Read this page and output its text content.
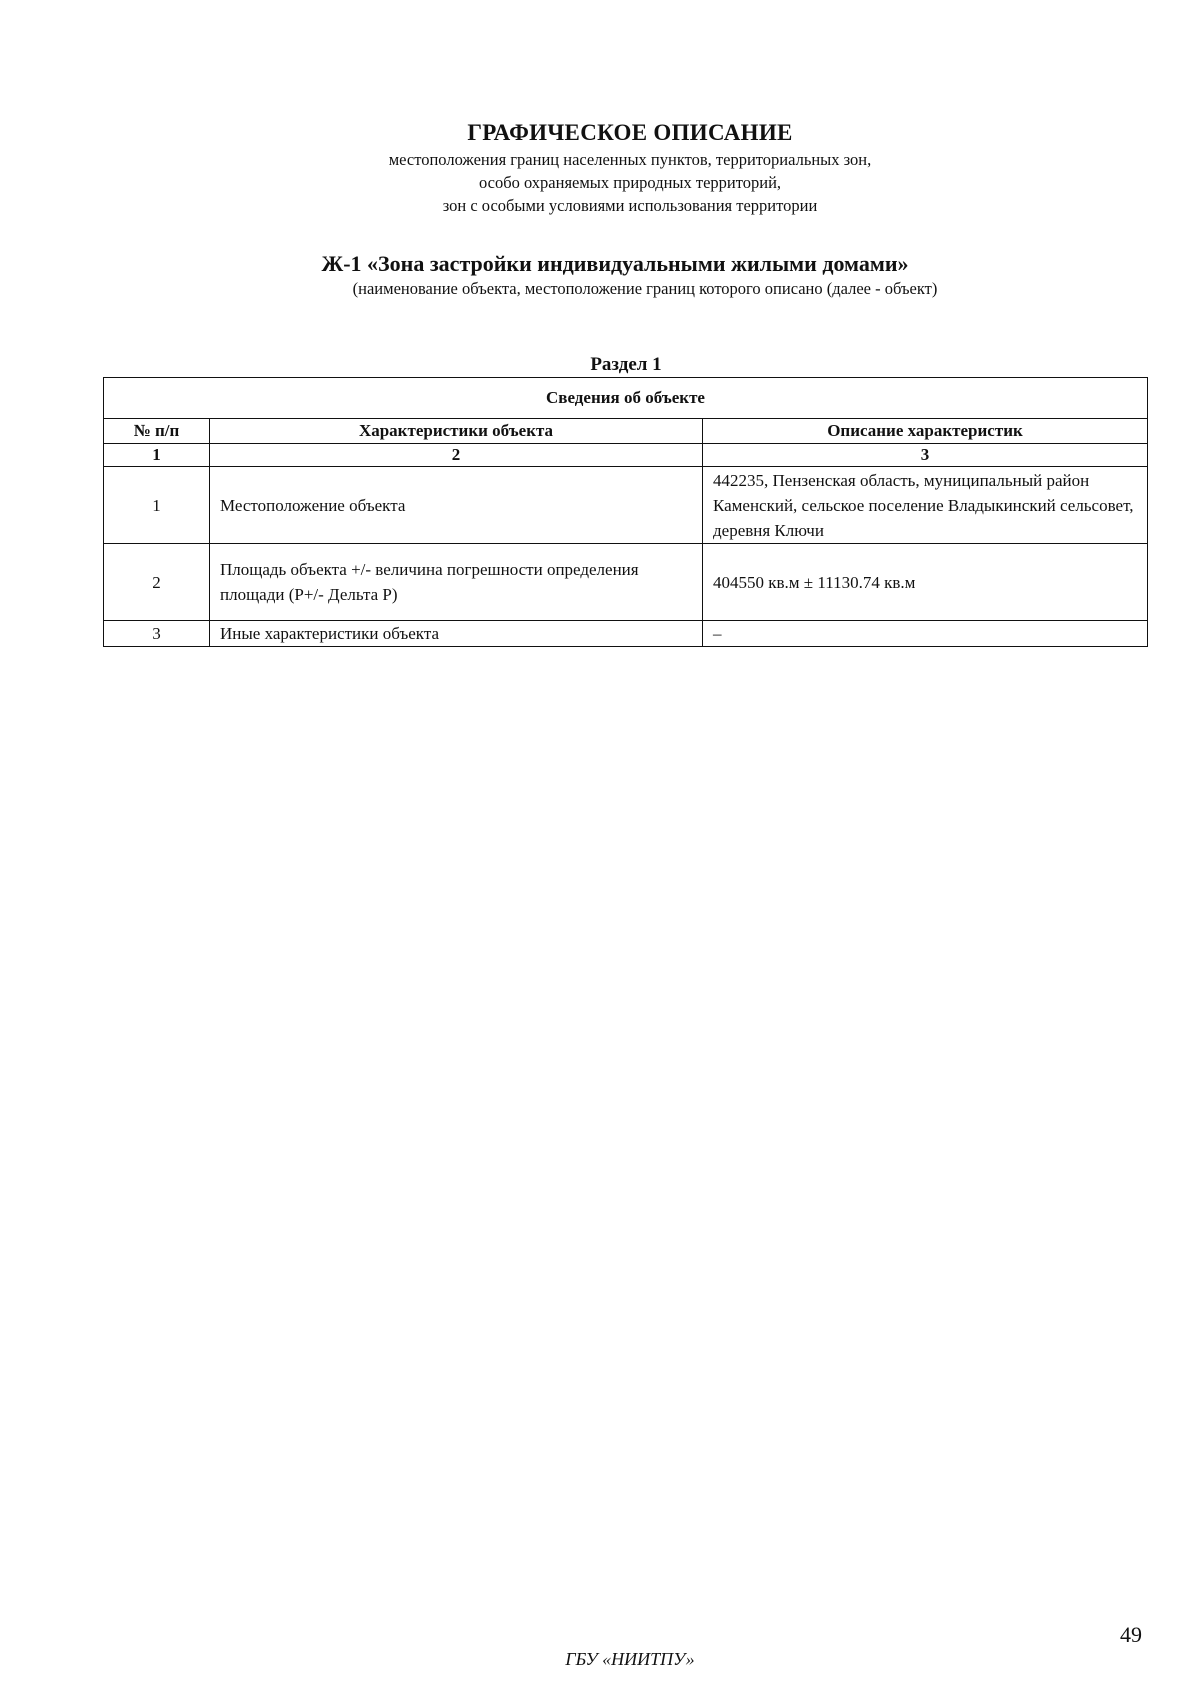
ГРАФИЧЕСКОЕ ОПИСАНИЕ
местоположения границ населенных пунктов, территориальных зон,
особо охраняемых природных территорий,
зон с особыми условиями использования территории
Ж-1 «Зона застройки индивидуальными жилыми домами»
(наименование объекта, местоположение границ которого описано (далее - объект)
Раздел 1
Сведения об объекте		
№ п/п	Характеристики объекта	Описание характеристик
1	2	3
1	Местоположение объекта	442235, Пензенская область, муниципальный район Каменский, сельское поселение Владыкинский сельсовет, деревня Ключи
2	Площадь объекта +/- величина погрешности определения площади (P+/- Дельта P)	404550 кв.м ± 11130.74 кв.м
3	Иные характеристики объекта	–
49
ГБУ «НИИТПУ»
